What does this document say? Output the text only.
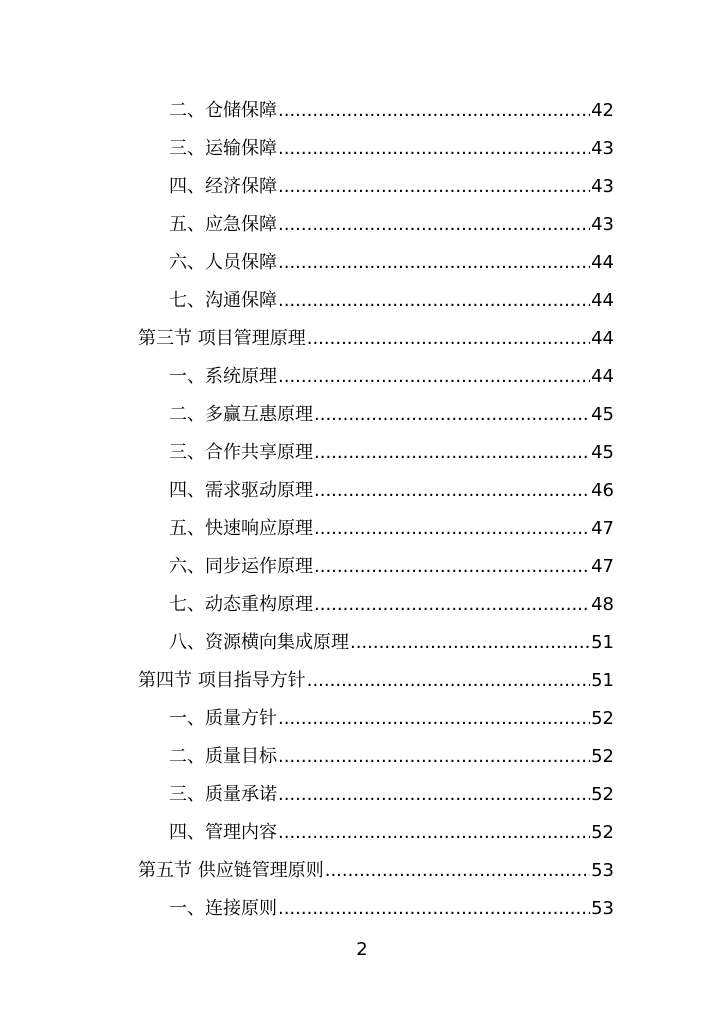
二、仓储保障 .....	42
三、运输保障 .....	43
四、经济保障 .....	43
五、应急保障 .....	43
六、人员保障 .....	44
七、沟通保障 .....	44
第三节 项目管理原理 .....	44
一、系统原理 .....	44
二、多赢互惠原理 .....	45
三、合作共享原理 .....	45
四、需求驱动原理 .....	46
五、快速响应原理 .....	47
六、同步运作原理 .....	47
七、动态重构原理 .....	48
八、资源横向集成原理 .....	51
第四节 项目指导方针 .....	51
一、质量方针 .....	52
二、质量目标 .....	52
三、质量承诺 .....	52
四、管理内容 .....	52
第五节 供应链管理原则 .....	53
一、连接原则 .....	53
2
